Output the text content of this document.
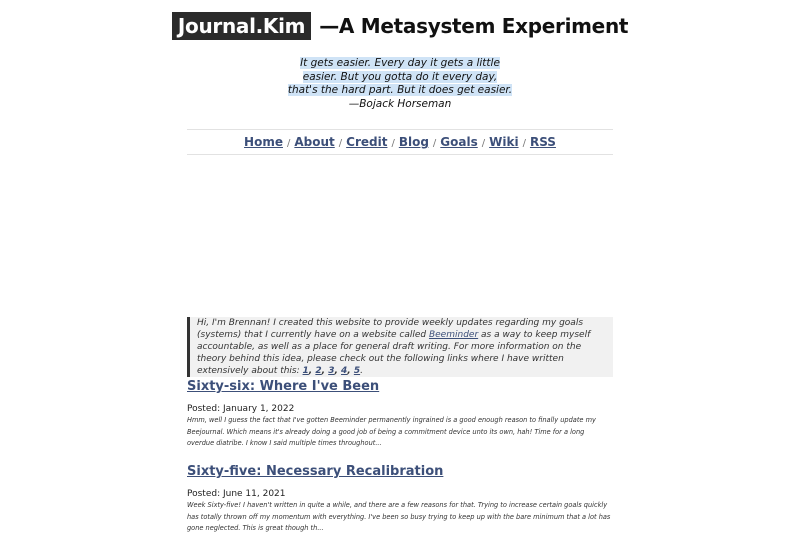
Journal.Kim —A Metasystem Experiment
It gets easier. Every day it gets a little easier. But you gotta do it every day, that's the hard part. But it does get easier.
—Bojack Horseman
Home / About / Credit / Blog / Goals / Wiki / RSS
Hi, I'm Brennan! I created this website to provide weekly updates regarding my goals (systems) that I currently have on a website called Beeminder as a way to keep myself accountable, as well as a place for general draft writing. For more information on the theory behind this idea, please check out the following links where I have written extensively about this: 1, 2, 3, 4, 5.
Sixty-six: Where I've Been
Posted: January 1, 2022
Hmm, well I guess the fact that I've gotten Beeminder permanently ingrained is a good enough reason to finally update my Beejournal. Which means it's already doing a good job of being a commitment device unto its own, hah! Time for a long overdue diatribe. I know I said multiple times throughout...
Sixty-five: Necessary Recalibration
Posted: June 11, 2021
Week Sixty-five! I haven't written in quite a while, and there are a few reasons for that. Trying to increase certain goals quickly has totally thrown off my momentum with everything. I've been so busy trying to keep up with the bare minimum that a lot has gone neglected. This is great though th...
